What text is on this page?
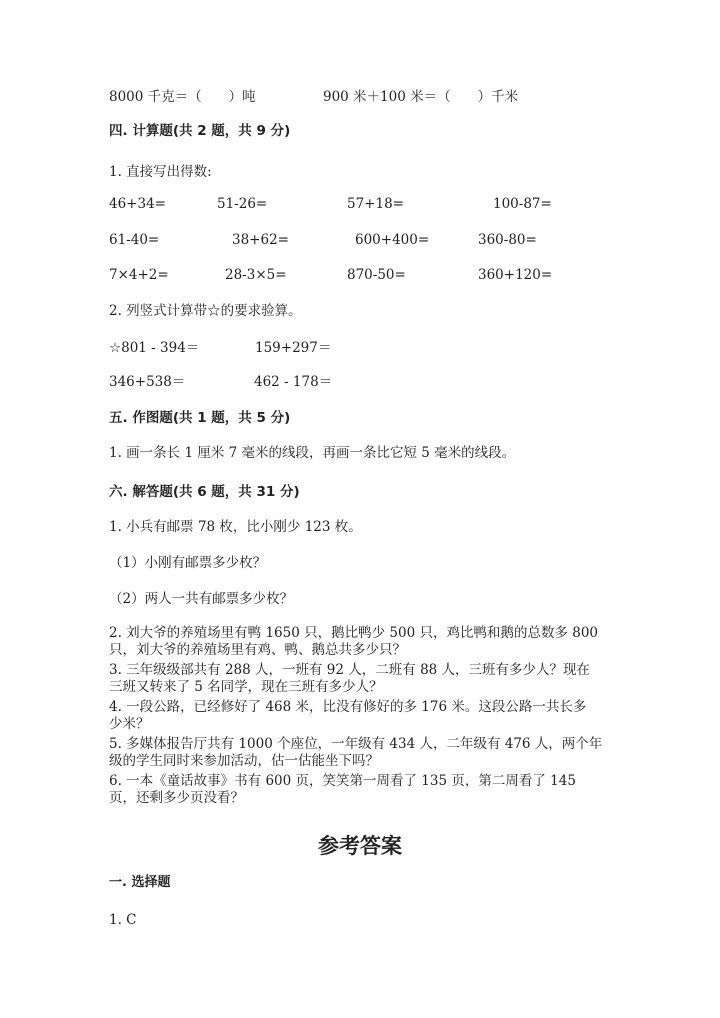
8000 千克＝（　　）吨	900 米＋100 米＝（　　）千米
四. 计算题(共 2 题，共 9 分)
1. 直接写出得数:
46+34=	51-26=	57+18=	100-87=
61-40=	38+62=	600+400=	360-80=
7×4+2=	28-3×5=	870-50=	360+120=
2. 列竖式计算带☆的要求验算。
☆801 - 394＝	159+297＝
346+538＝	462 - 178＝
五. 作图题(共 1 题，共 5 分)
1. 画一条长 1 厘米 7 毫米的线段，再画一条比它短 5 毫米的线段。
六. 解答题(共 6 题，共 31 分)
1. 小兵有邮票 78 枚，比小刚少 123 枚。
（1）小刚有邮票多少枚？
（2）两人一共有邮票多少枚？
2. 刘大爷的养殖场里有鸭 1650 只，鹅比鸭少 500 只，鸡比鸭和鹅的总数多 800
只，刘大爷的养殖场里有鸡、鸭、鹅总共多少只？
3. 三年级级部共有 288 人，一班有 92 人，二班有 88 人，三班有多少人？现在
三班又转来了 5 名同学，现在三班有多少人？
4. 一段公路，已经修好了 468 米，比没有修好的多 176 米。这段公路一共长多
少米？
5. 多媒体报告厅共有 1000 个座位，一年级有 434 人，二年级有 476 人，两个年
级的学生同时来参加活动，估一估能坐下吗？
6. 一本《童话故事》书有 600 页，笑笑第一周看了 135 页，第二周看了 145
页，还剩多少页没看？
参考答案
一. 选择题
1. C
